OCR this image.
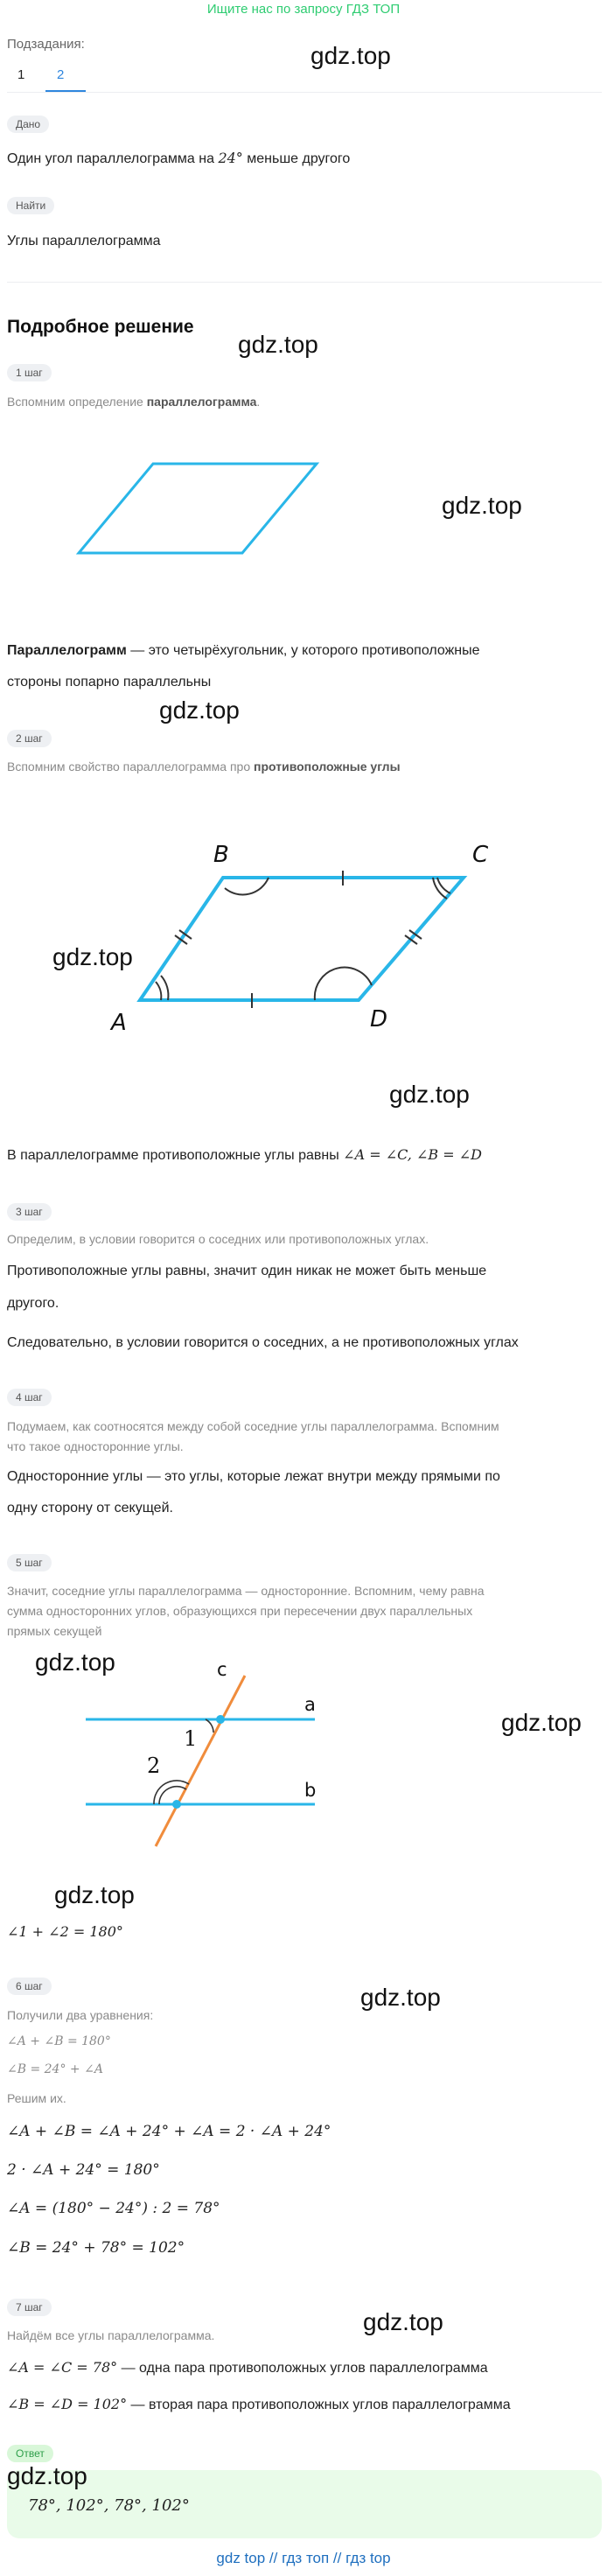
Ищите нас по запросу ГДЗ ТОП
Подзадания:
1 2
gdz.top
Дано
Один угол параллелограмма на 24° меньше другого
Найти
Углы параллелограмма
Подробное решение
gdz.top
1 шаг
Вспомним определение параллелограмма.
gdz.top
Параллелограмм — это четырёхугольник, у которого противоположные
стороны попарно параллельны
gdz.top
2 шаг
Вспомним свойство параллелограмма про противоположные углы
B	C
A	D
gdz.top
gdz.top
В параллелограмме противоположные углы равны ∠A = ∠C, ∠B = ∠D
3 шаг
Определим, в условии говорится о соседних или противоположных углах.
Противоположные углы равны, значит один никак не может быть меньше
другого.
Следовательно, в условии говорится о соседних, а не противоположных углах
4 шаг
Подумаем, как соотносятся между собой соседние углы параллелограмма. Вспомним
что такое односторонние углы.
Односторонние углы — это углы, которые лежат внутри между прямыми по
одну сторону от секущей.
5 шаг
Значит, соседние углы параллелограмма — односторонние. Вспомним, чему равна
сумма односторонних углов, образующихся при пересечении двух параллельных
прямых секущей
gdz.top	c
a
b
1
2
gdz.top
gdz.top
∠1 + ∠2 = 180°
6 шаг	gdz.top
Получили два уравнения:
∠A + ∠B = 180°
∠B = 24° + ∠A
Решим их.
∠A + ∠B = ∠A + 24° + ∠A = 2 · ∠A + 24°
2 · ∠A + 24° = 180°
∠A = (180° − 24°) : 2 = 78°
∠B = 24° + 78° = 102°
7 шаг
gdz.top
Найдём все углы параллелограмма.
∠A = ∠C = 78° — одна пара противоположных углов параллелограмма
∠B = ∠D = 102° — вторая пара противоположных углов параллелограмма
Ответ
78°, 102°, 78°, 102°
gdz.top
gdz top // гдз топ // гдз top
